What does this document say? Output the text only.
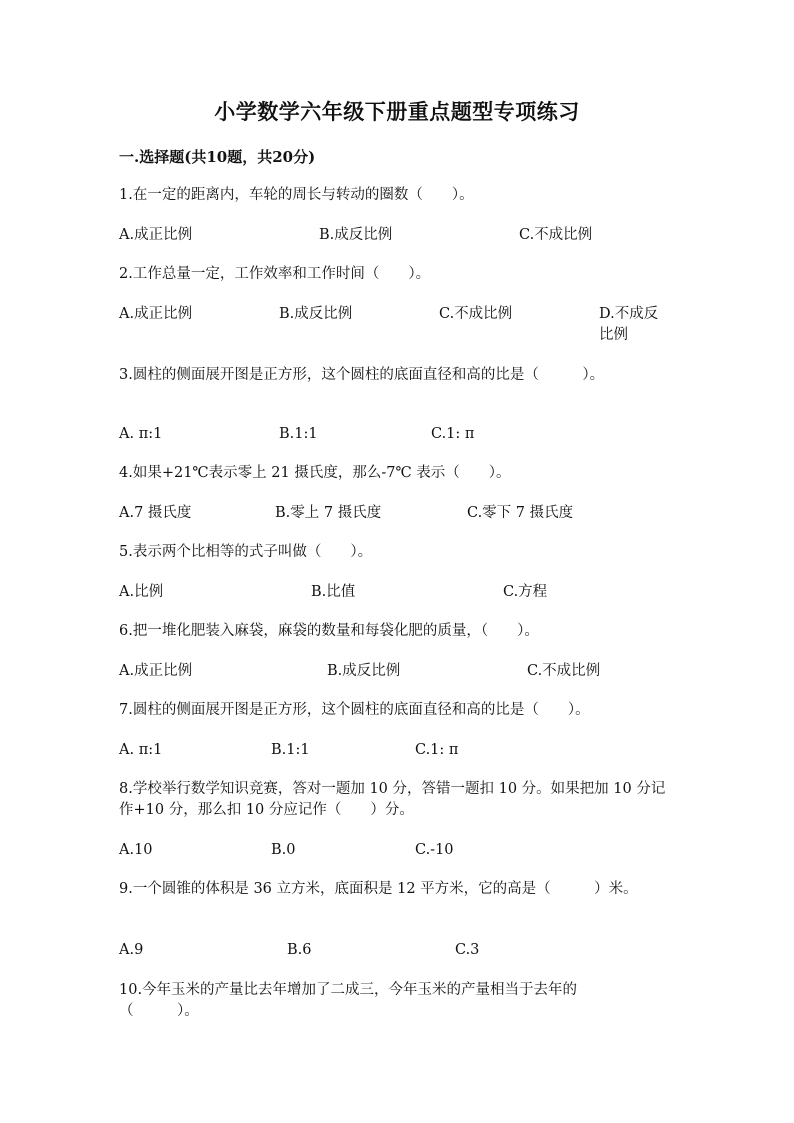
小学数学六年级下册重点题型专项练习
一.选择题(共10题，共20分)
1.在一定的距离内，车轮的周长与转动的圈数（　　）。
A.成正比例	B.成反比例	C.不成比例
2.工作总量一定，工作效率和工作时间（　　）。
A.成正比例	B.成反比例	C.不成比例	D.不成反比例
3.圆柱的侧面展开图是正方形，这个圆柱的底面直径和高的比是（　　　）。
A. π:1	B.1:1	C.1: π
4.如果+21℃表示零上 21 摄氏度，那么-7℃ 表示（　　）。
A.7 摄氏度	B.零上 7 摄氏度	C.零下 7 摄氏度
5.表示两个比相等的式子叫做（　　）。
A.比例	B.比值	C.方程
6.把一堆化肥装入麻袋，麻袋的数量和每袋化肥的质量，（　　）。
A.成正比例	B.成反比例	C.不成比例
7.圆柱的侧面展开图是正方形，这个圆柱的底面直径和高的比是（　　）。
A. π:1	B.1:1	C.1: π
8.学校举行数学知识竞赛，答对一题加 10 分，答错一题扣 10 分。如果把加 10 分记作+10 分，那么扣 10 分应记作（　　）分。
A.10	B.0	C.-10
9.一个圆锥的体积是 36 立方米，底面积是 12 平方米，它的高是（　　　）米。
A.9	B.6	C.3
10.今年玉米的产量比去年增加了二成三，今年玉米的产量相当于去年的（　　　）。
